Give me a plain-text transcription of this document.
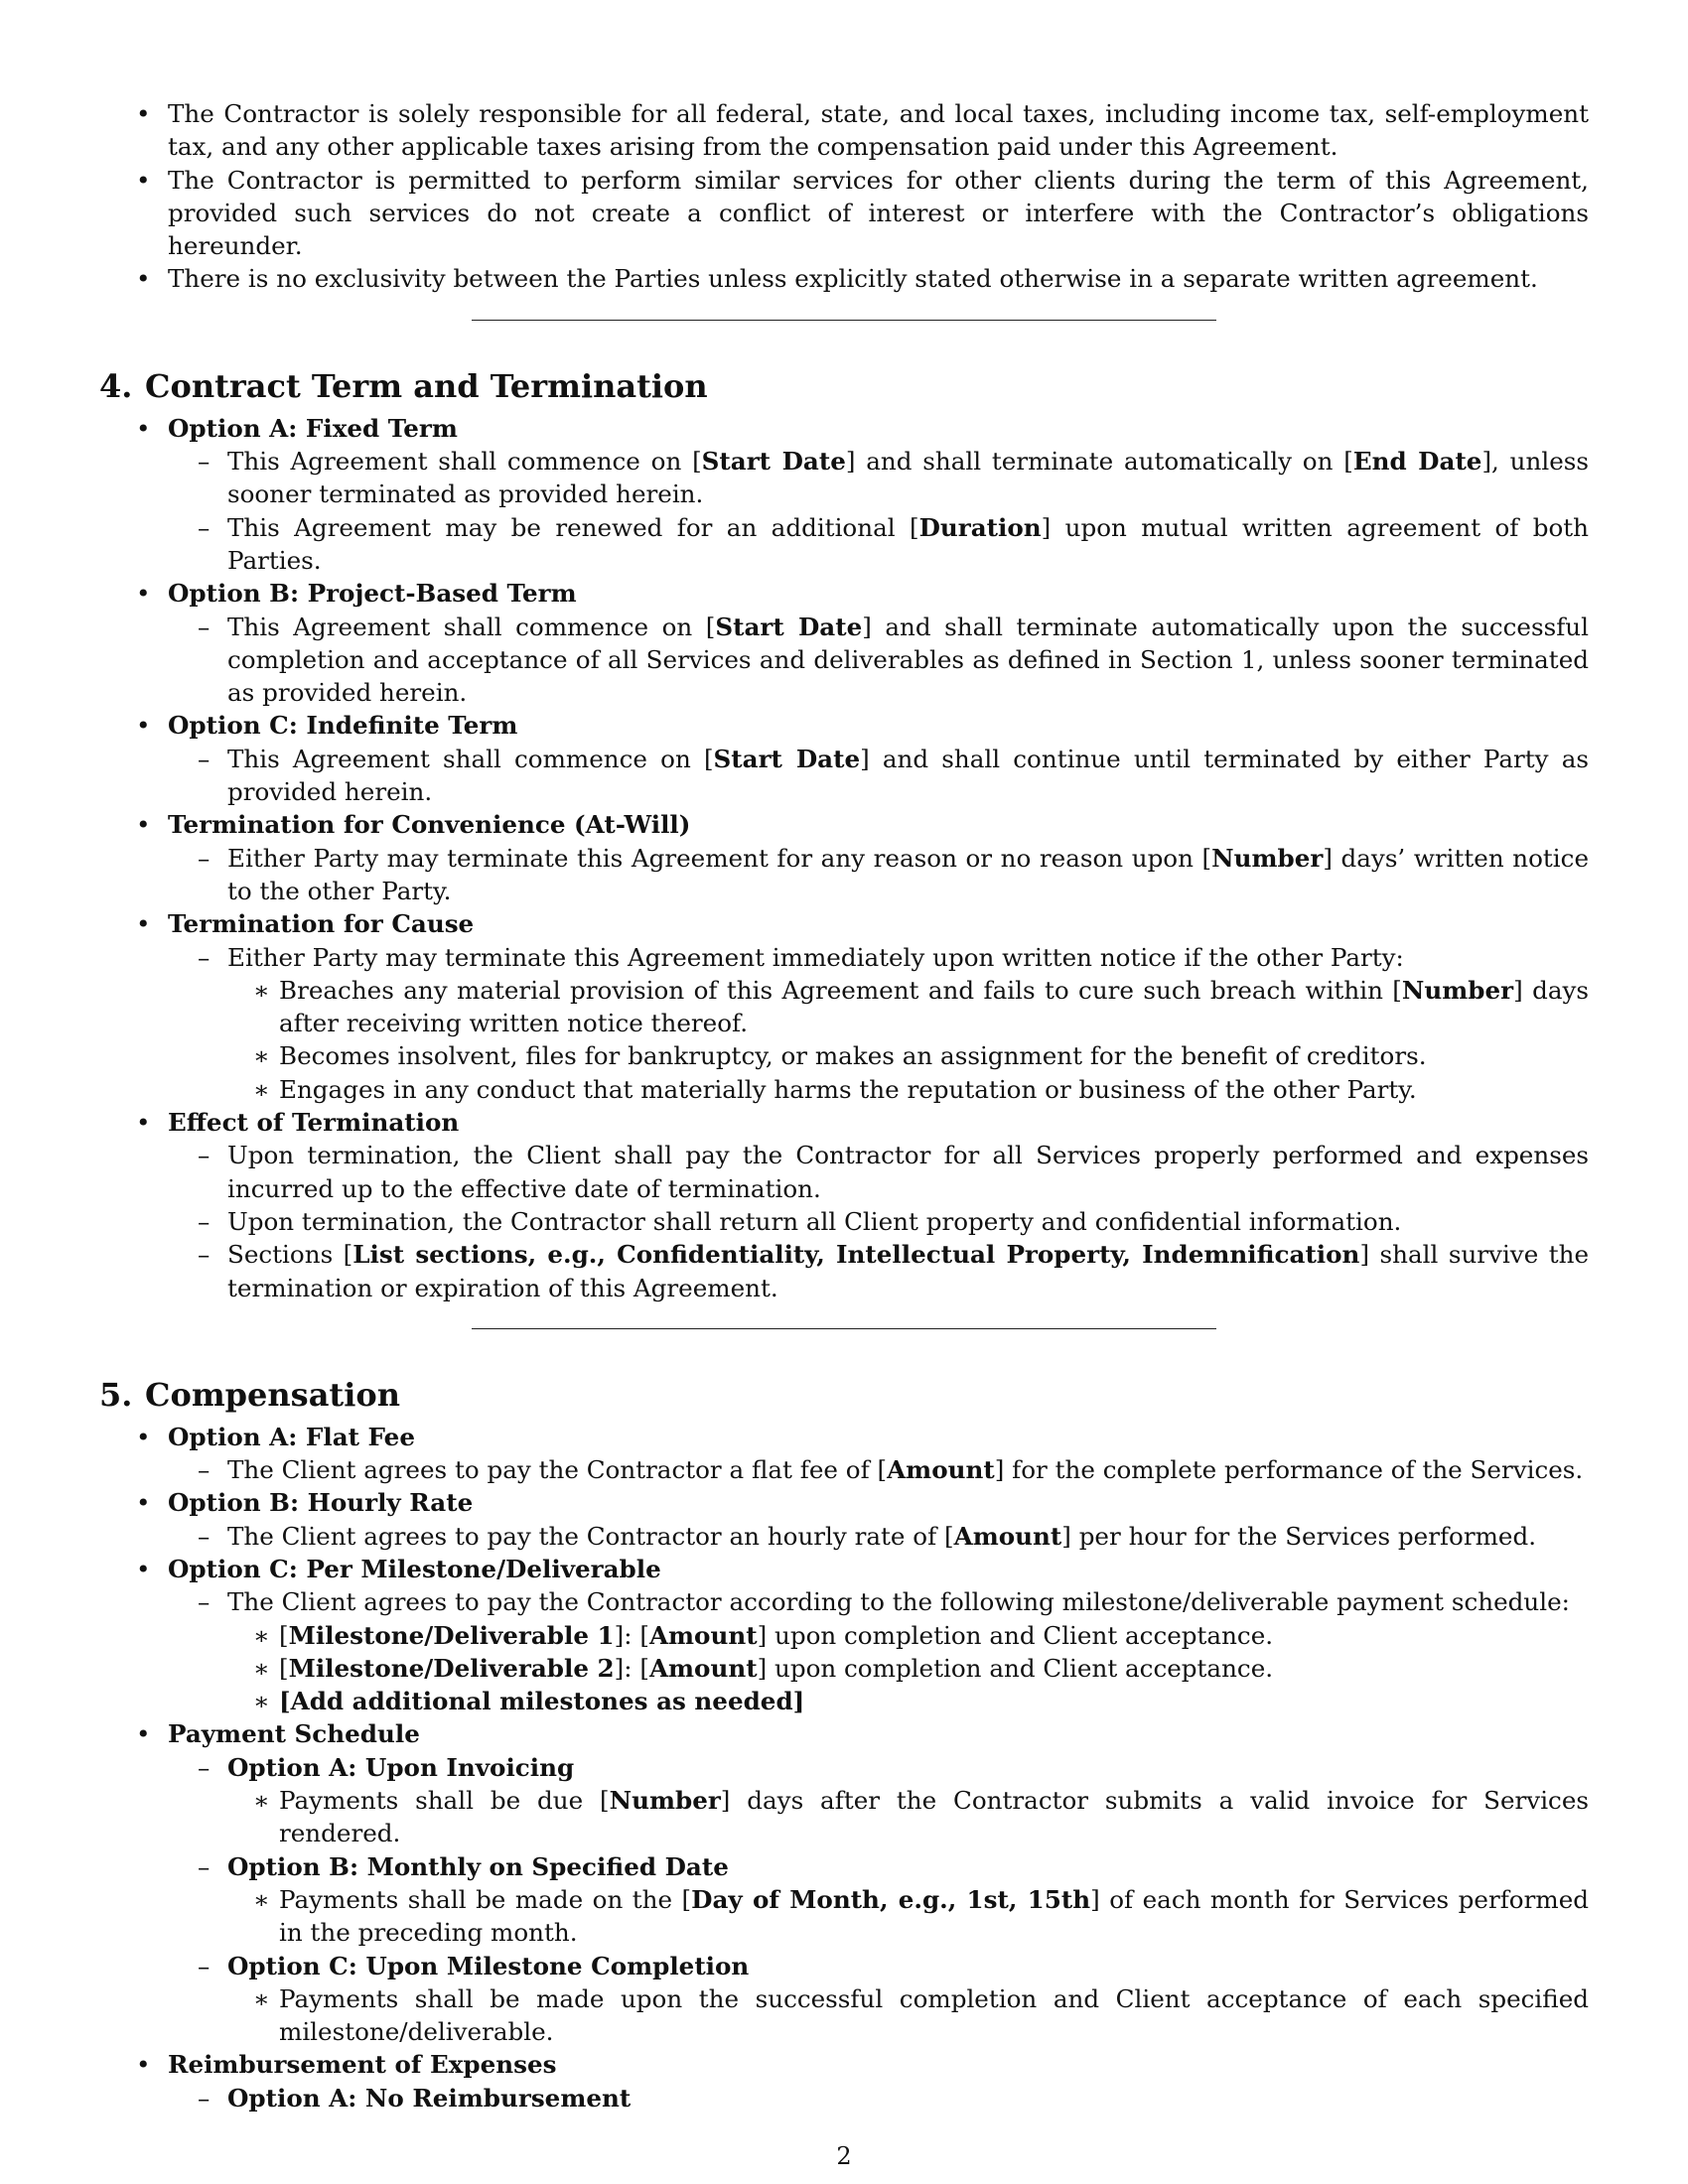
• The Contractor is solely responsible for all federal, state, and local taxes, including income tax, self-employment tax, and any other applicable taxes arising from the compensation paid under this Agreement.
• The Contractor is permitted to perform similar services for other clients during the term of this Agreement, provided such services do not create a conflict of interest or interfere with the Contractor’s obligations hereunder.
• There is no exclusivity between the Parties unless explicitly stated otherwise in a separate written agreement.
4. Contract Term and Termination
• Option A: Fixed Term
– This Agreement shall commence on [Start Date] and shall terminate automatically on [End Date], unless sooner terminated as provided herein.
– This Agreement may be renewed for an additional [Duration] upon mutual written agreement of both Parties.
• Option B: Project-Based Term
– This Agreement shall commence on [Start Date] and shall terminate automatically upon the successful completion and acceptance of all Services and deliverables as defined in Section 1, unless sooner terminated as provided herein.
• Option C: Indefinite Term
– This Agreement shall commence on [Start Date] and shall continue until terminated by either Party as provided herein.
• Termination for Convenience (At-Will)
– Either Party may terminate this Agreement for any reason or no reason upon [Number] days’ written notice to the other Party.
• Termination for Cause
– Either Party may terminate this Agreement immediately upon written notice if the other Party:
∗ Breaches any material provision of this Agreement and fails to cure such breach within [Number] days after receiving written notice thereof.
∗ Becomes insolvent, files for bankruptcy, or makes an assignment for the benefit of creditors.
∗ Engages in any conduct that materially harms the reputation or business of the other Party.
• Effect of Termination
– Upon termination, the Client shall pay the Contractor for all Services properly performed and expenses incurred up to the effective date of termination.
– Upon termination, the Contractor shall return all Client property and confidential information.
– Sections [List sections, e.g., Confidentiality, Intellectual Property, Indemnification] shall survive the termination or expiration of this Agreement.
5. Compensation
• Option A: Flat Fee
– The Client agrees to pay the Contractor a flat fee of [Amount] for the complete performance of the Services.
• Option B: Hourly Rate
– The Client agrees to pay the Contractor an hourly rate of [Amount] per hour for the Services performed.
• Option C: Per Milestone/Deliverable
– The Client agrees to pay the Contractor according to the following milestone/deliverable payment schedule:
∗ [Milestone/Deliverable 1]: [Amount] upon completion and Client acceptance.
∗ [Milestone/Deliverable 2]: [Amount] upon completion and Client acceptance.
∗ [Add additional milestones as needed]
• Payment Schedule
– Option A: Upon Invoicing
∗ Payments shall be due [Number] days after the Contractor submits a valid invoice for Services rendered.
– Option B: Monthly on Specified Date
∗ Payments shall be made on the [Day of Month, e.g., 1st, 15th] of each month for Services performed in the preceding month.
– Option C: Upon Milestone Completion
∗ Payments shall be made upon the successful completion and Client acceptance of each specified milestone/deliverable.
• Reimbursement of Expenses
– Option A: No Reimbursement
2
